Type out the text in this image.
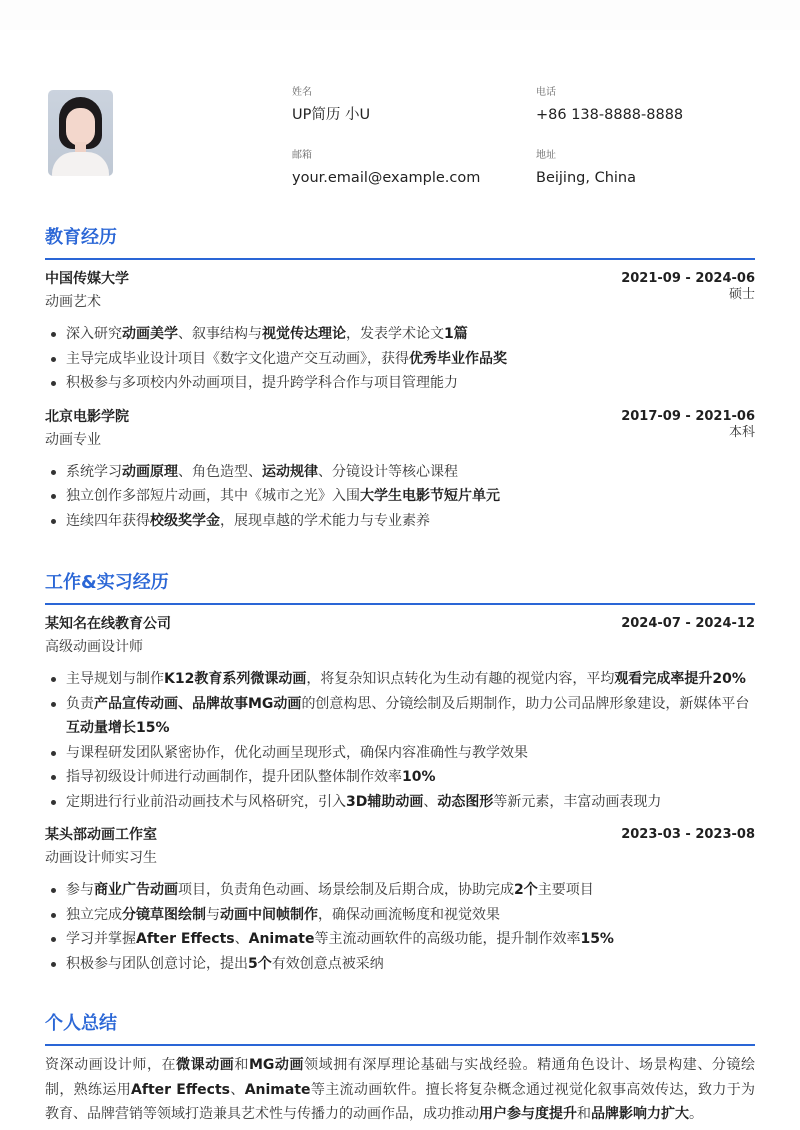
姓名
UP简历 小U
电话
+86 138-8888-8888
邮箱
your.email@example.com
地址
Beijing, China
教育经历
中国传媒大学	2021-09 - 2024-06
动画艺术	硕士
深入研究动画美学、叙事结构与视觉传达理论，发表学术论文1篇
主导完成毕业设计项目《数字文化遗产交互动画》，获得优秀毕业作品奖
积极参与多项校内外动画项目，提升跨学科合作与项目管理能力
北京电影学院	2017-09 - 2021-06
动画专业	本科
系统学习动画原理、角色造型、运动规律、分镜设计等核心课程
独立创作多部短片动画，其中《城市之光》入围大学生电影节短片单元
连续四年获得校级奖学金，展现卓越的学术能力与专业素养
工作&实习经历
某知名在线教育公司	2024-07 - 2024-12
高级动画设计师
主导规划与制作K12教育系列微课动画，将复杂知识点转化为生动有趣的视觉内容，平均观看完成率提升20%
负责产品宣传动画、品牌故事MG动画的创意构思、分镜绘制及后期制作，助力公司品牌形象建设，新媒体平台互动量增长15%
与课程研发团队紧密协作，优化动画呈现形式，确保内容准确性与教学效果
指导初级设计师进行动画制作，提升团队整体制作效率10%
定期进行行业前沿动画技术与风格研究，引入3D辅助动画、动态图形等新元素，丰富动画表现力
某头部动画工作室	2023-03 - 2023-08
动画设计师实习生
参与商业广告动画项目，负责角色动画、场景绘制及后期合成，协助完成2个主要项目
独立完成分镜草图绘制与动画中间帧制作，确保动画流畅度和视觉效果
学习并掌握After Effects、Animate等主流动画软件的高级功能，提升制作效率15%
积极参与团队创意讨论，提出5个有效创意点被采纳
个人总结
资深动画设计师，在微课动画和MG动画领域拥有深厚理论基础与实战经验。精通角色设计、场景构建、分镜绘制，熟练运用After Effects、Animate等主流动画软件。擅长将复杂概念通过视觉化叙事高效传达，致力于为教育、品牌营销等领域打造兼具艺术性与传播力的动画作品，成功推动用户参与度提升和品牌影响力扩大。
